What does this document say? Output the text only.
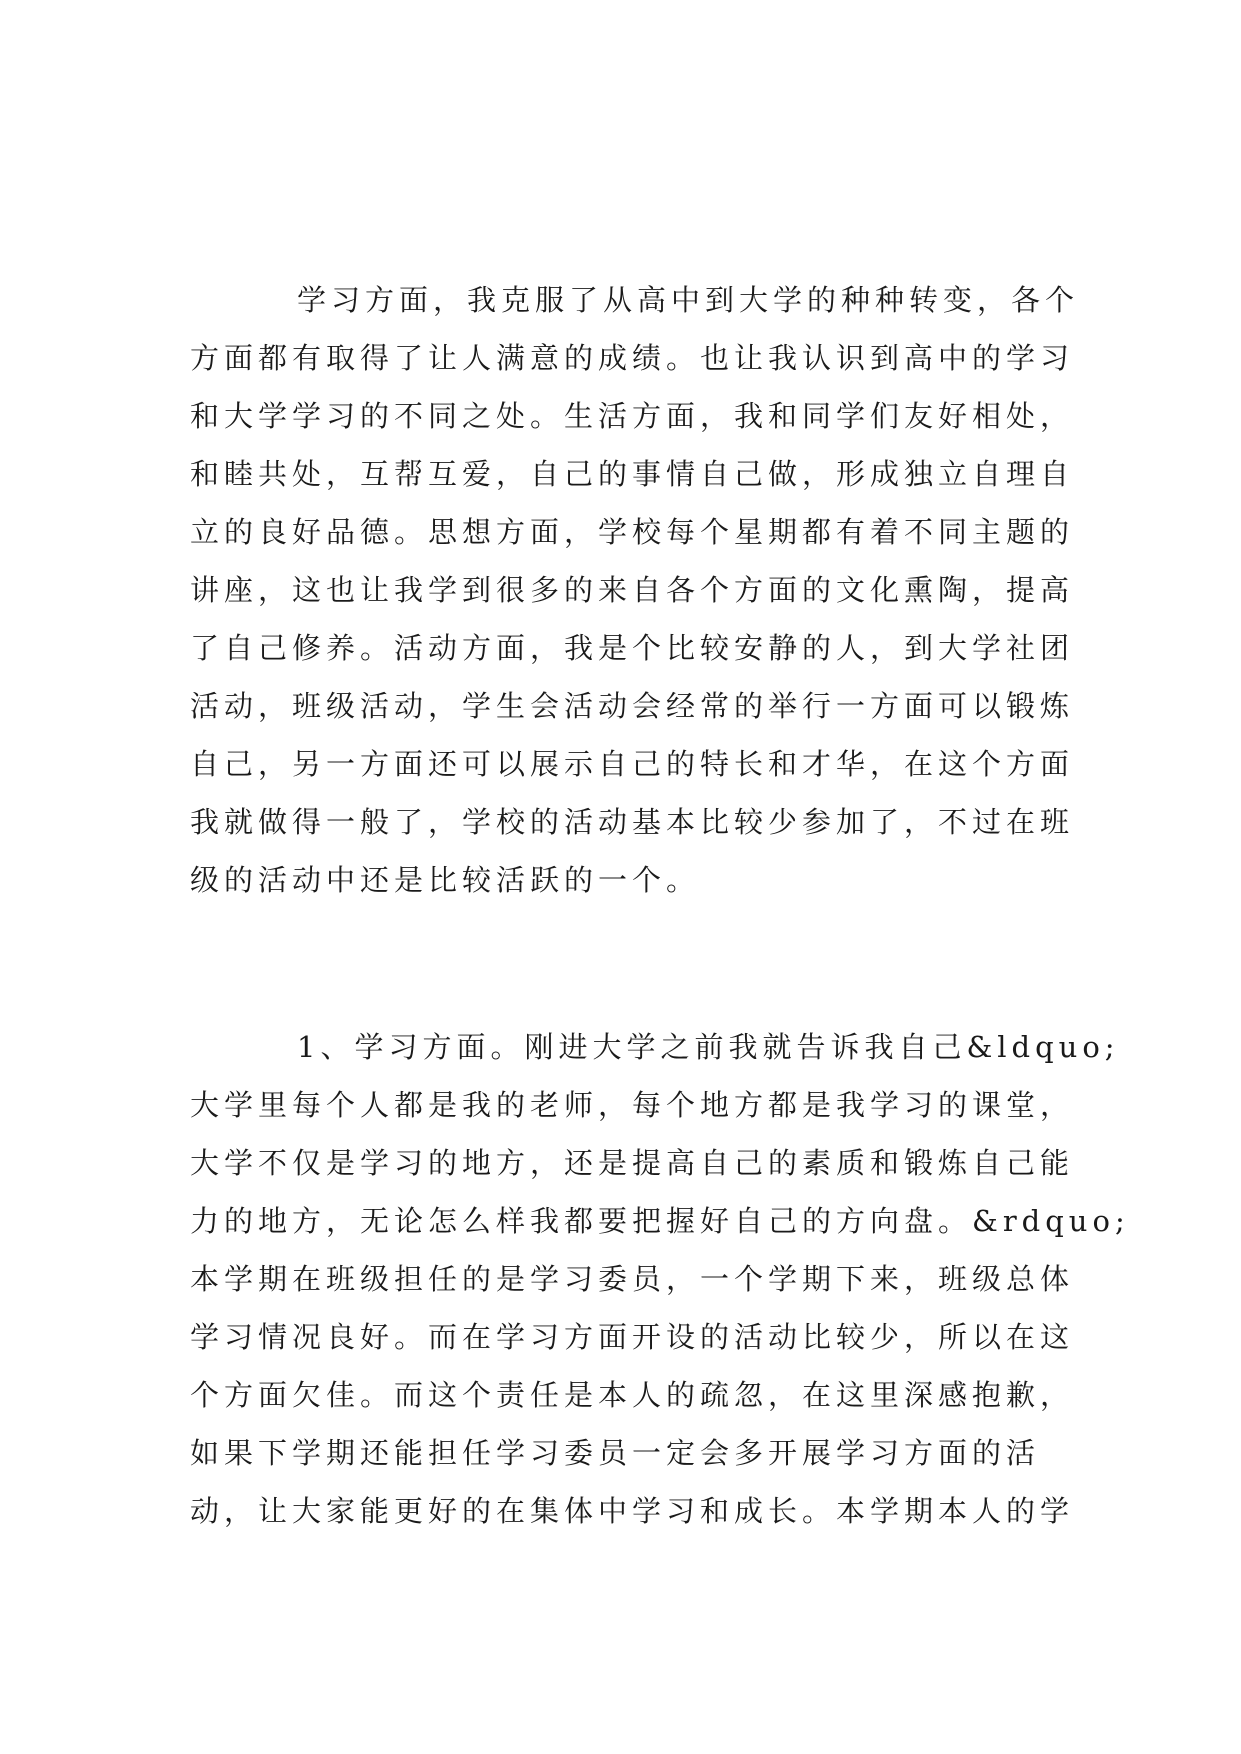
学习方面，我克服了从高中到大学的种种转变，各个
方面都有取得了让人满意的成绩。也让我认识到高中的学习
和大学学习的不同之处。生活方面，我和同学们友好相处，
和睦共处，互帮互爱，自己的事情自己做，形成独立自理自
立的良好品德。思想方面，学校每个星期都有着不同主题的
讲座，这也让我学到很多的来自各个方面的文化熏陶，提高
了自己修养。活动方面，我是个比较安静的人，到大学社团
活动，班级活动，学生会活动会经常的举行一方面可以锻炼
自己，另一方面还可以展示自己的特长和才华，在这个方面
我就做得一般了，学校的活动基本比较少参加了，不过在班
级的活动中还是比较活跃的一个。
1、学习方面。刚进大学之前我就告诉我自己&ldquo;
大学里每个人都是我的老师，每个地方都是我学习的课堂，
大学不仅是学习的地方，还是提高自己的素质和锻炼自己能
力的地方，无论怎么样我都要把握好自己的方向盘。&rdquo;
本学期在班级担任的是学习委员，一个学期下来，班级总体
学习情况良好。而在学习方面开设的活动比较少，所以在这
个方面欠佳。而这个责任是本人的疏忽，在这里深感抱歉，
如果下学期还能担任学习委员一定会多开展学习方面的活
动，让大家能更好的在集体中学习和成长。本学期本人的学
